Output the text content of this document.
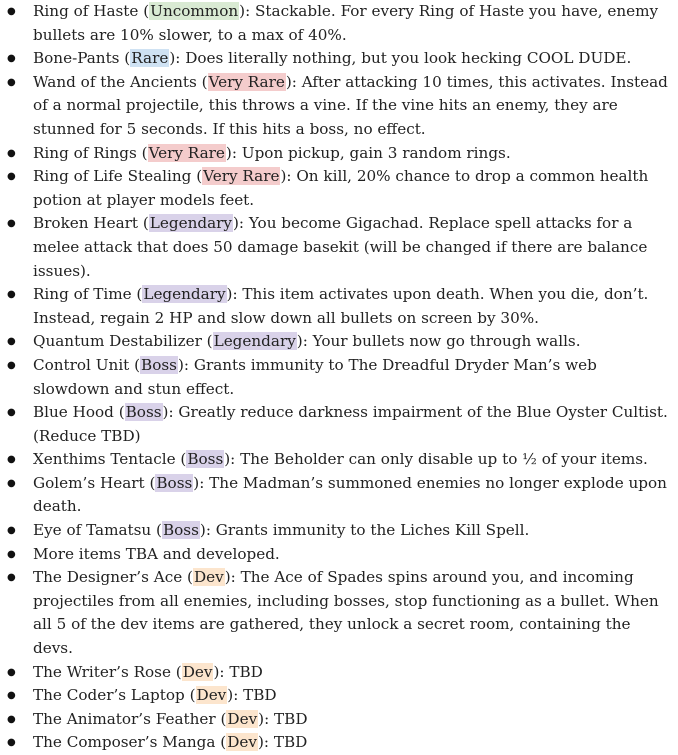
● Ring of Haste (Uncommon): Stackable. For every Ring of Haste you have, enemy bullets are 10% slower, to a max of 40%.
● Bone-Pants (Rare): Does literally nothing, but you look hecking COOL DUDE.
● Wand of the Ancients (Very Rare): After attacking 10 times, this activates. Instead of a normal projectile, this throws a vine. If the vine hits an enemy, they are stunned for 5 seconds. If this hits a boss, no effect.
● Ring of Rings (Very Rare): Upon pickup, gain 3 random rings.
● Ring of Life Stealing (Very Rare): On kill, 20% chance to drop a common health potion at player models feet.
● Broken Heart (Legendary): You become Gigachad. Replace spell attacks for a melee attack that does 50 damage basekit (will be changed if there are balance issues).
● Ring of Time (Legendary): This item activates upon death. When you die, don’t. Instead, regain 2 HP and slow down all bullets on screen by 30%.
● Quantum Destabilizer (Legendary): Your bullets now go through walls.
● Control Unit (Boss): Grants immunity to The Dreadful Dryder Man’s web slowdown and stun effect.
● Blue Hood (Boss): Greatly reduce darkness impairment of the Blue Oyster Cultist. (Reduce TBD)
● Xenthims Tentacle (Boss): The Beholder can only disable up to ½ of your items.
● Golem’s Heart (Boss): The Madman’s summoned enemies no longer explode upon death.
● Eye of Tamatsu (Boss): Grants immunity to the Liches Kill Spell.
● More items TBA and developed.
● The Designer’s Ace (Dev): The Ace of Spades spins around you, and incoming projectiles from all enemies, including bosses, stop functioning as a bullet. When all 5 of the dev items are gathered, they unlock a secret room, containing the devs.
● The Writer’s Rose (Dev): TBD
● The Coder’s Laptop (Dev): TBD
● The Animator’s Feather (Dev): TBD
● The Composer’s Manga (Dev): TBD
